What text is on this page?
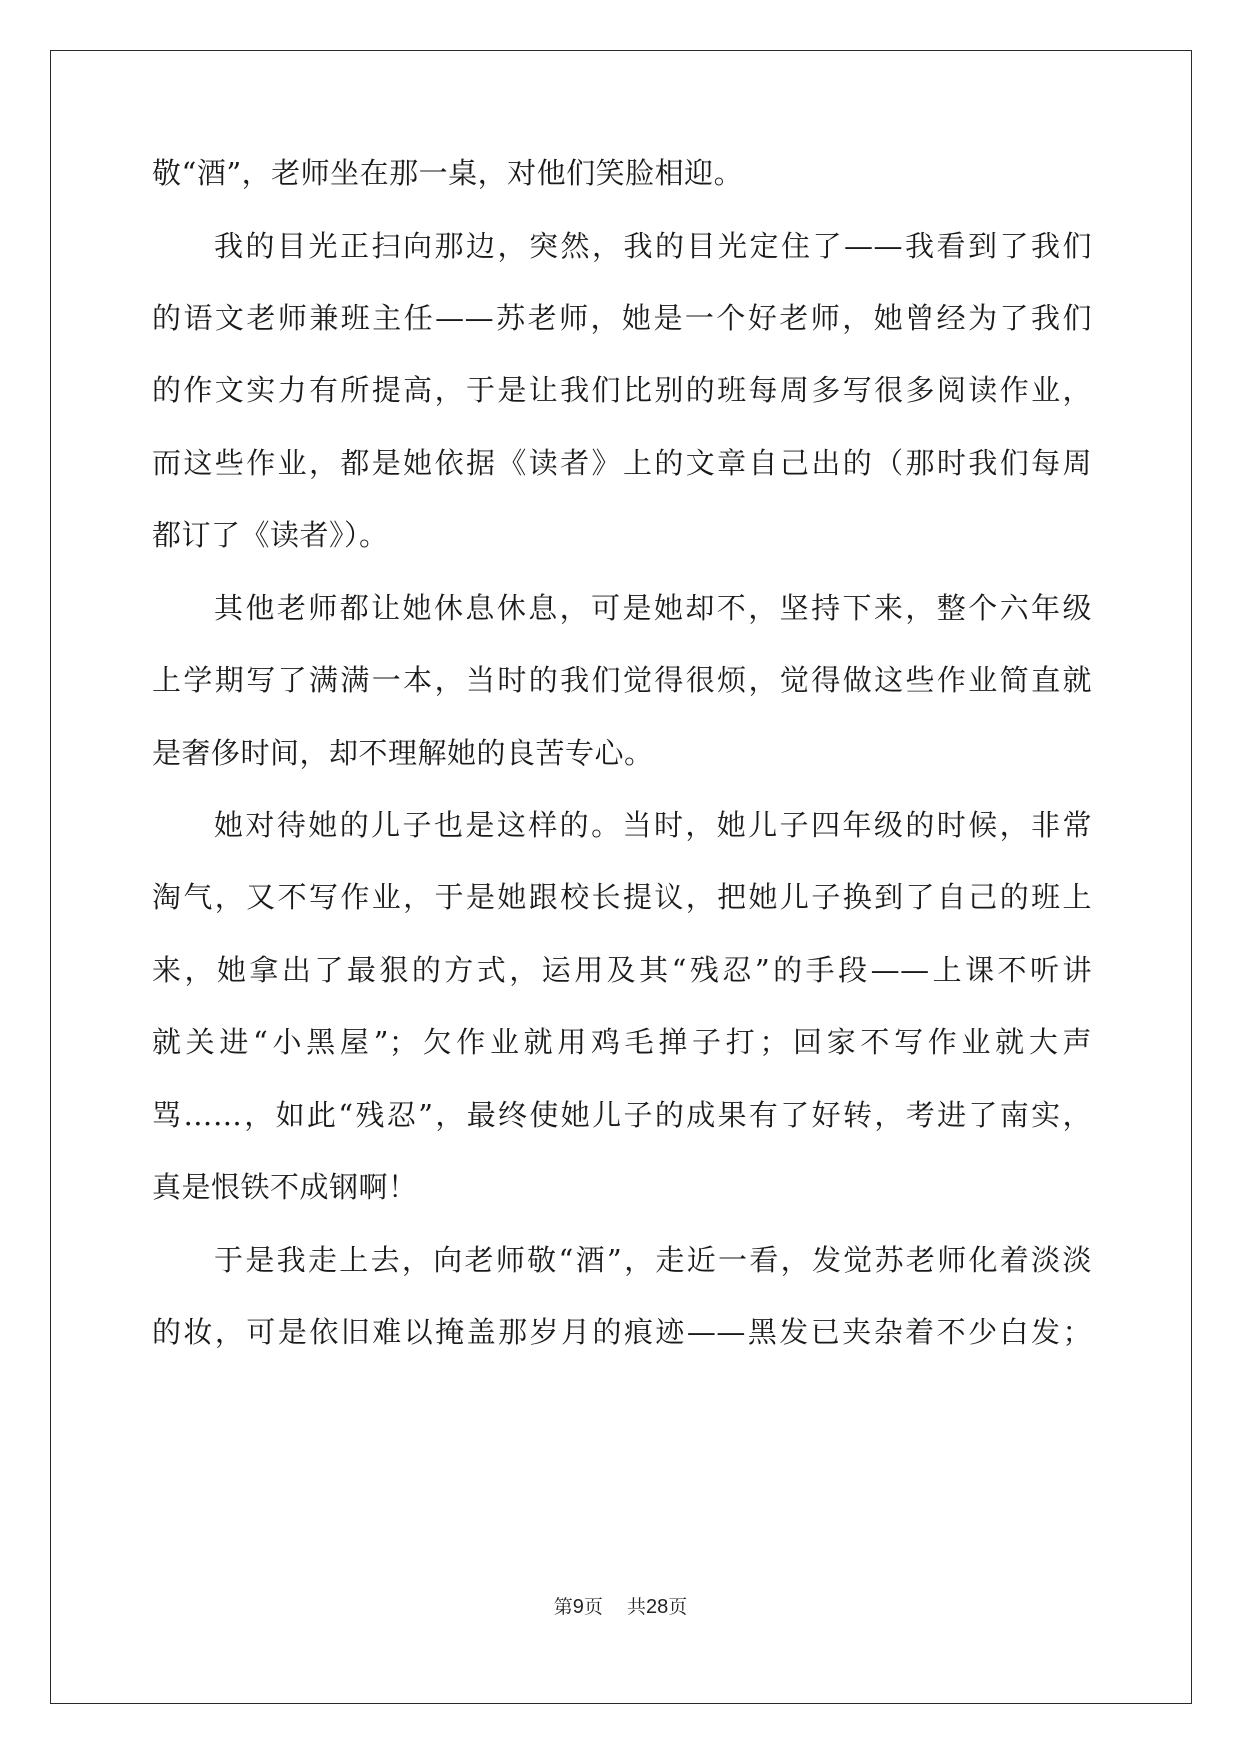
敬“酒”，老师坐在那一桌，对他们笑脸相迎。
我的目光正扫向那边，突然，我的目光定住了——我看到了我们
的语文老师兼班主任——苏老师，她是一个好老师，她曾经为了我们
的作文实力有所提高，于是让我们比别的班每周多写很多阅读作业，
而这些作业，都是她依据《读者》上的文章自己出的（那时我们每周
都订了《读者》）。
其他老师都让她休息休息，可是她却不，坚持下来，整个六年级
上学期写了满满一本，当时的我们觉得很烦，觉得做这些作业简直就
是奢侈时间，却不理解她的良苦专心。
她对待她的儿子也是这样的。当时，她儿子四年级的时候，非常
淘气，又不写作业，于是她跟校长提议，把她儿子换到了自己的班上
来，她拿出了最狠的方式，运用及其“残忍”的手段——上课不听讲
就关进“小黑屋”；欠作业就用鸡毛掸子打；回家不写作业就大声
骂……，如此“残忍”，最终使她儿子的成果有了好转，考进了南实，
真是恨铁不成钢啊！
于是我走上去，向老师敬“酒”，走近一看，发觉苏老师化着淡淡
的妆，可是依旧难以掩盖那岁月的痕迹——黑发已夹杂着不少白发；
第9页 共28页
